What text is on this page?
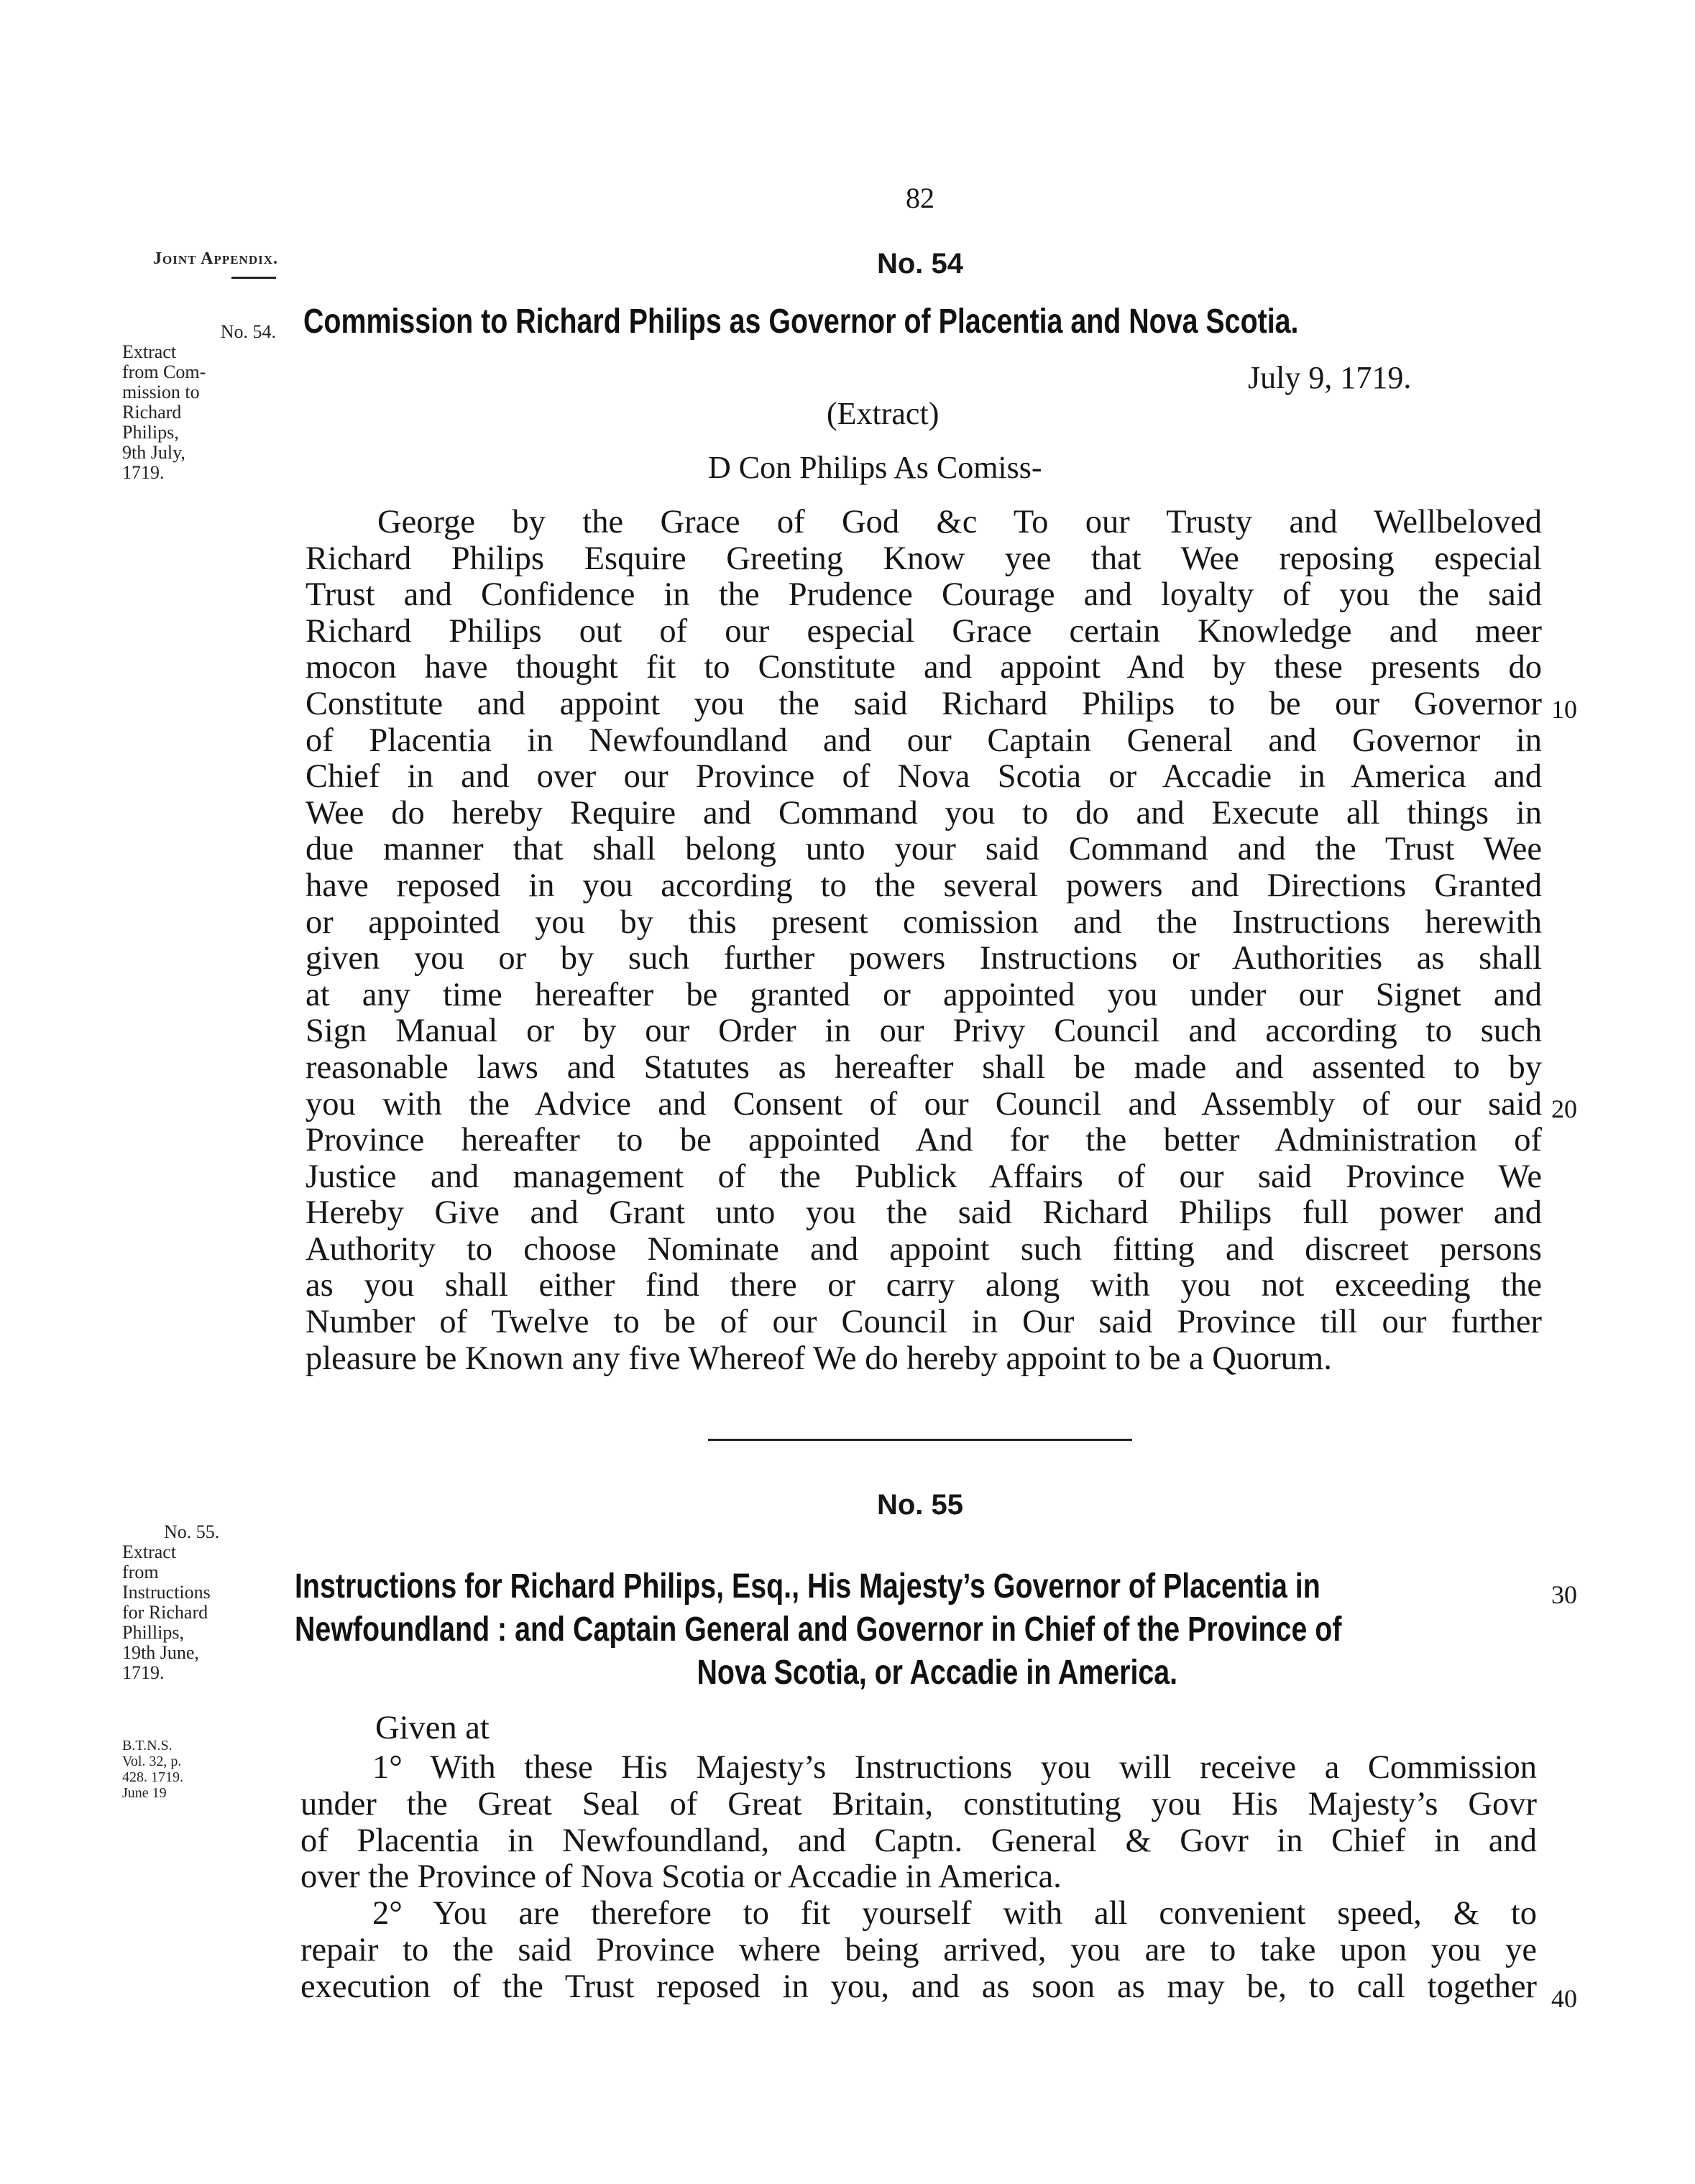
82
Joint Appendix.
No. 54.
Extract
from Com-
mission to
Richard
Philips,
9th July,
1719.
No. 54
Commission to Richard Philips as Governor of Placentia and Nova Scotia.
July 9, 1719.
(Extract)
D Con Philips As Comiss-
George by the Grace of God &c To our Trusty and Wellbeloved
Richard Philips Esquire Greeting Know yee that Wee reposing especial
Trust and Confidence in the Prudence Courage and loyalty of you the said
Richard Philips out of our especial Grace certain Knowledge and meer
mocon have thought fit to Constitute and appoint And by these presents do
Constitute and appoint you the said Richard Philips to be our Governor
of Placentia in Newfoundland and our Captain General and Governor in
Chief in and over our Province of Nova Scotia or Accadie in America and
Wee do hereby Require and Command you to do and Execute all things in
due manner that shall belong unto your said Command and the Trust Wee
have reposed in you according to the several powers and Directions Granted
or appointed you by this present comission and the Instructions herewith
given you or by such further powers Instructions or Authorities as shall
at any time hereafter be granted or appointed you under our Signet and
Sign Manual or by our Order in our Privy Council and according to such
reasonable laws and Statutes as hereafter shall be made and assented to by
you with the Advice and Consent of our Council and Assembly of our said
Province hereafter to be appointed And for the better Administration of
Justice and management of the Publick Affairs of our said Province We
Hereby Give and Grant unto you the said Richard Philips full power and
Authority to choose Nominate and appoint such fitting and discreet persons
as you shall either find there or carry along with you not exceeding the
Number of Twelve to be of our Council in Our said Province till our further
pleasure be Known any five Whereof We do hereby appoint to be a Quorum.
No. 55.
Extract
from
Instructions
for Richard
Phillips,
19th June,
1719.
B.T.N.S.
Vol. 32, p.
428. 1719.
June 19
No. 55
Instructions for Richard Philips, Esq., His Majesty’s Governor of Placentia in
Newfoundland : and Captain General and Governor in Chief of the Province of
Nova Scotia, or Accadie in America.
Given at
1° With these His Majesty’s Instructions you will receive a Commission
under the Great Seal of Great Britain, constituting you His Majesty’s Govr
of Placentia in Newfoundland, and Captn. General & Govr in Chief in and
over the Province of Nova Scotia or Accadie in America.
2° You are therefore to fit yourself with all convenient speed, & to
repair to the said Province where being arrived, you are to take upon you ye
execution of the Trust reposed in you, and as soon as may be, to call together
10
20
30
40
